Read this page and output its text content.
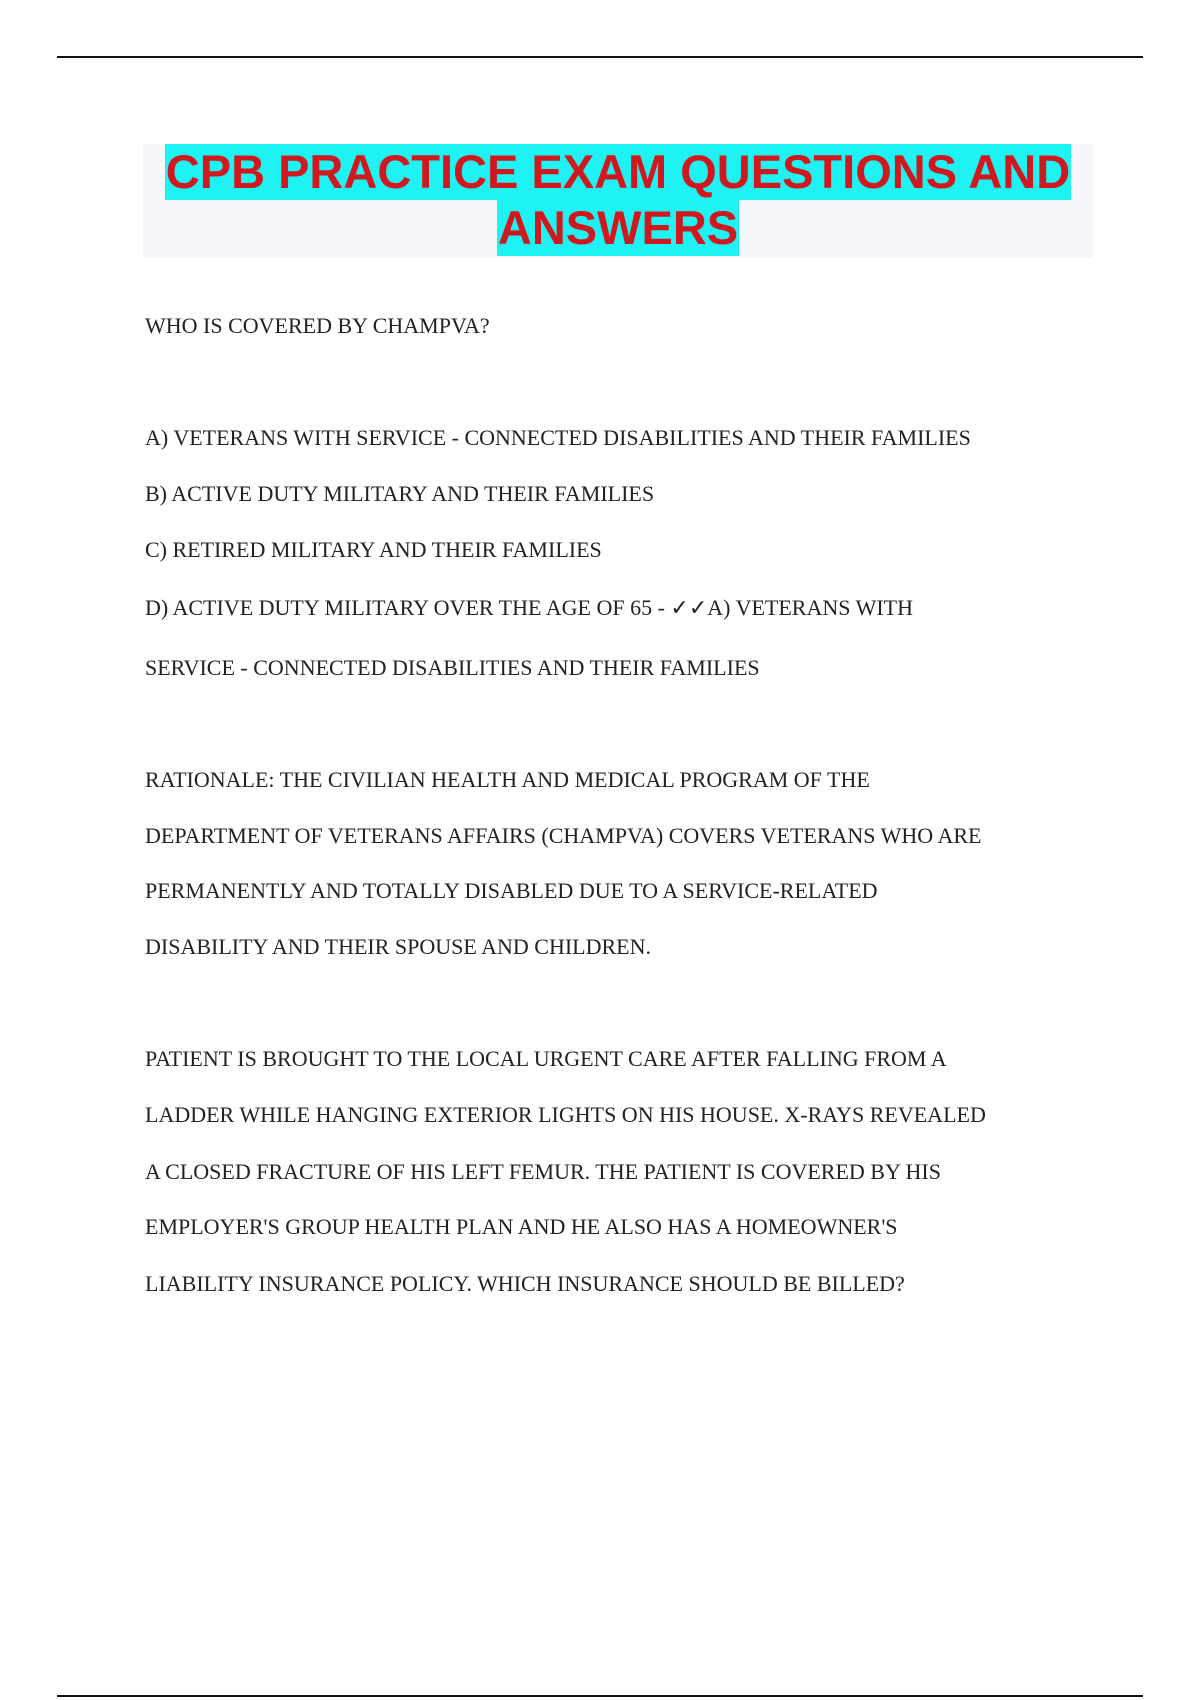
CPB PRACTICE EXAM QUESTIONS AND
ANSWERS
WHO IS COVERED BY CHAMPVA?
A) VETERANS WITH SERVICE - CONNECTED DISABILITIES AND THEIR FAMILIES
B) ACTIVE DUTY MILITARY AND THEIR FAMILIES
C) RETIRED MILITARY AND THEIR FAMILIES
D) ACTIVE DUTY MILITARY OVER THE AGE OF 65 - ✓✓A) VETERANS WITH
SERVICE - CONNECTED DISABILITIES AND THEIR FAMILIES
RATIONALE: THE CIVILIAN HEALTH AND MEDICAL PROGRAM OF THE
DEPARTMENT OF VETERANS AFFAIRS (CHAMPVA) COVERS VETERANS WHO ARE
PERMANENTLY AND TOTALLY DISABLED DUE TO A SERVICE-RELATED
DISABILITY AND THEIR SPOUSE AND CHILDREN.
PATIENT IS BROUGHT TO THE LOCAL URGENT CARE AFTER FALLING FROM A
LADDER WHILE HANGING EXTERIOR LIGHTS ON HIS HOUSE. X-RAYS REVEALED
A CLOSED FRACTURE OF HIS LEFT FEMUR. THE PATIENT IS COVERED BY HIS
EMPLOYER'S GROUP HEALTH PLAN AND HE ALSO HAS A HOMEOWNER'S
LIABILITY INSURANCE POLICY. WHICH INSURANCE SHOULD BE BILLED?
